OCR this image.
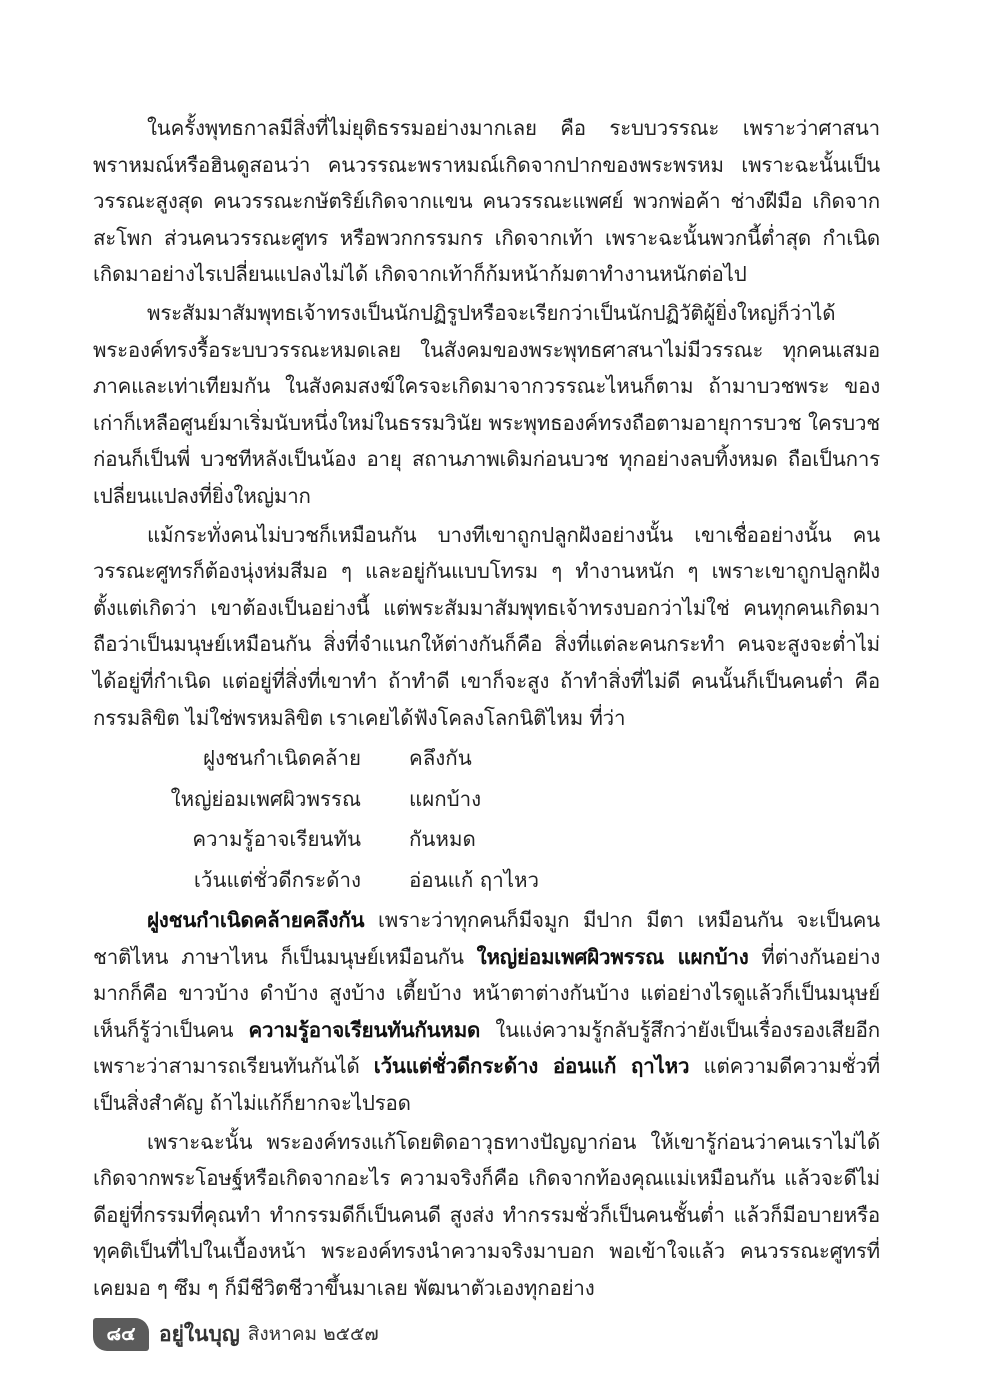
ในครั้งพุทธกาลมีสิ่งที่ไม่ยุติธรรมอย่างมากเลย คือ ระบบวรรณะ เพราะว่าศาสนาพราหมณ์หรือฮินดูสอนว่า คนวรรณะพราหมณ์เกิดจากปากของพระพรหม เพราะฉะนั้นเป็นวรรณะสูงสุด คนวรรณะกษัตริย์เกิดจากแขน คนวรรณะแพศย์ พวกพ่อค้า ช่างฝีมือ เกิดจากสะโพก ส่วนคนวรรณะศูทร หรือพวกกรรมกร เกิดจากเท้า เพราะฉะนั้นพวกนี้ต่ำสุด กำเนิดเกิดมาอย่างไรเปลี่ยนแปลงไม่ได้ เกิดจากเท้าก็ก้มหน้าก้มตาทำงานหนักต่อไป

พระสัมมาสัมพุทธเจ้าทรงเป็นนักปฏิรูปหรือจะเรียกว่าเป็นนักปฏิวัติผู้ยิ่งใหญ่ก็ว่าได้ พระองค์ทรงรื้อระบบวรรณะหมดเลย ในสังคมของพระพุทธศาสนาไม่มีวรรณะ ทุกคนเสมอภาคและเท่าเทียมกัน ในสังคมสงฆ์ใครจะเกิดมาจากวรรณะไหนก็ตาม ถ้ามาบวชพระ ของเก่าก็เหลือศูนย์มาเริ่มนับหนึ่งใหม่ในธรรมวินัย พระพุทธองค์ทรงถือตามอายุการบวช ใครบวชก่อนก็เป็นพี่ บวชทีหลังเป็นน้อง อายุ สถานภาพเดิมก่อนบวช ทุกอย่างลบทิ้งหมด ถือเป็นการเปลี่ยนแปลงที่ยิ่งใหญ่มาก

แม้กระทั่งคนไม่บวชก็เหมือนกัน บางทีเขาถูกปลูกฝังอย่างนั้น เขาเชื่ออย่างนั้น คนวรรณะศูทรก็ต้องนุ่งห่มสีมอ ๆ และอยู่กันแบบโทรม ๆ ทำงานหนัก ๆ เพราะเขาถูกปลูกฝังตั้งแต่เกิดว่า เขาต้องเป็นอย่างนี้ แต่พระสัมมาสัมพุทธเจ้าทรงบอกว่าไม่ใช่ คนทุกคนเกิดมาถือว่าเป็นมนุษย์เหมือนกัน สิ่งที่จำแนกให้ต่างกันก็คือ สิ่งที่แต่ละคนกระทำ คนจะสูงจะต่ำไม่ได้อยู่ที่กำเนิด แต่อยู่ที่สิ่งที่เขาทำ ถ้าทำดี เขาก็จะสูง ถ้าทำสิ่งที่ไม่ดี คนนั้นก็เป็นคนต่ำ คือกรรมลิขิต ไม่ใช่พรหมลิขิต เราเคยได้ฟังโคลงโลกนิติไหม ที่ว่า

ฝูงชนกำเนิดคล้าย	คลึงกัน
ใหญ่ย่อมเพศผิวพรรณ	แผกบ้าง
ความรู้อาจเรียนทัน	กันหมด
เว้นแต่ชั่วดีกระด้าง	อ่อนแก้ ฤาไหว

ฝูงชนกำเนิดคล้ายคลึงกัน เพราะว่าทุกคนก็มีจมูก มีปาก มีตา เหมือนกัน จะเป็นคนชาติไหน ภาษาไหน ก็เป็นมนุษย์เหมือนกัน ใหญ่ย่อมเพศผิวพรรณ แผกบ้าง ที่ต่างกันอย่างมากก็คือ ขาวบ้าง ดำบ้าง สูงบ้าง เตี้ยบ้าง หน้าตาต่างกันบ้าง แต่อย่างไรดูแล้วก็เป็นมนุษย์ เห็นก็รู้ว่าเป็นคน ความรู้อาจเรียนทันกันหมด ในแง่ความรู้กลับรู้สึกว่ายังเป็นเรื่องรองเสียอีก เพราะว่าสามารถเรียนทันกันได้ เว้นแต่ชั่วดีกระด้าง อ่อนแก้ ฤาไหว แต่ความดีความชั่วที่เป็นสิ่งสำคัญ ถ้าไม่แก้ก็ยากจะไปรอด

เพราะฉะนั้น พระองค์ทรงแก้โดยติดอาวุธทางปัญญาก่อน ให้เขารู้ก่อนว่าคนเราไม่ได้เกิดจากพระโอษฐ์หรือเกิดจากอะไร ความจริงก็คือ เกิดจากท้องคุณแม่เหมือนกัน แล้วจะดีไม่ดีอยู่ที่กรรมที่คุณทำ ทำกรรมดีก็เป็นคนดี สูงส่ง ทำกรรมชั่วก็เป็นคนชั้นต่ำ แล้วก็มีอบายหรือทุคติเป็นที่ไปในเบื้องหน้า พระองค์ทรงนำความจริงมาบอก พอเข้าใจแล้ว คนวรรณะศูทรที่เคยมอ ๆ ซึม ๆ ก็มีชีวิตชีวาขึ้นมาเลย พัฒนาตัวเองทุกอย่าง

๘๔	อยู่ในบุญ สิงหาคม ๒๕๕๗
